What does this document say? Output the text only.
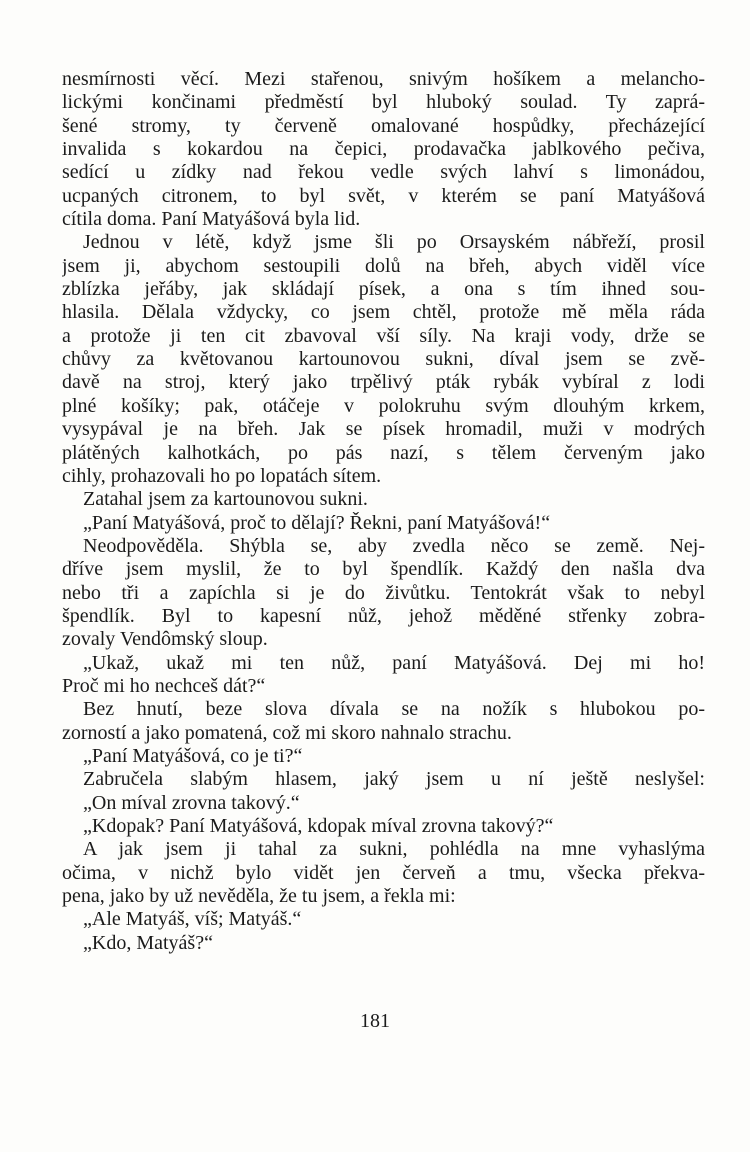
nesmírnosti věcí. Mezi stařenou, snivým hošíkem a melancho-
lickými končinami předměstí byl hluboký soulad. Ty zaprá-
šené stromy, ty červeně omalované hospůdky, přecházející
invalida s kokardou na čepici, prodavačka jablkového pečiva,
sedící u zídky nad řekou vedle svých lahví s limonádou,
ucpaných citronem, to byl svět, v kterém se paní Matyášová
cítila doma. Paní Matyášová byla lid.
Jednou v létě, když jsme šli po Orsayském nábřeží, prosil
jsem ji, abychom sestoupili dolů na břeh, abych viděl více
zblízka jeřáby, jak skládají písek, a ona s tím ihned sou-
hlasila. Dělala vždycky, co jsem chtěl, protože mě měla ráda
a protože ji ten cit zbavoval vší síly. Na kraji vody, drže se
chůvy za květovanou kartounovou sukni, díval jsem se zvě-
davě na stroj, který jako trpělivý pták rybák vybíral z lodi
plné košíky; pak, otáčeje v polokruhu svým dlouhým krkem,
vysypával je na břeh. Jak se písek hromadil, muži v modrých
plátěných kalhotkách, po pás nazí, s tělem červeným jako
cihly, prohazovali ho po lopatách sítem.
Zatahal jsem za kartounovou sukni.
„Paní Matyášová, proč to dělají? Řekni, paní Matyášová!“
Neodpověděla. Shýbla se, aby zvedla něco se země. Nej-
dříve jsem myslil, že to byl špendlík. Každý den našla dva
nebo tři a zapíchla si je do živůtku. Tentokrát však to nebyl
špendlík. Byl to kapesní nůž, jehož měděné střenky zobra-
zovaly Vendômský sloup.
„Ukaž, ukaž mi ten nůž, paní Matyášová. Dej mi ho!
Proč mi ho nechceš dát?“
Bez hnutí, beze slova dívala se na nožík s hlubokou po-
zorností a jako pomatená, což mi skoro nahnalo strachu.
„Paní Matyášová, co je ti?“
Zabručela slabým hlasem, jaký jsem u ní ještě neslyšel:
„On míval zrovna takový.“
„Kdopak? Paní Matyášová, kdopak míval zrovna takový?“
A jak jsem ji tahal za sukni, pohlédla na mne vyhaslýma
očima, v nichž bylo vidět jen červeň a tmu, všecka překva-
pena, jako by už nevěděla, že tu jsem, a řekla mi:
„Ale Matyáš, víš; Matyáš.“
„Kdo, Matyáš?“
181
